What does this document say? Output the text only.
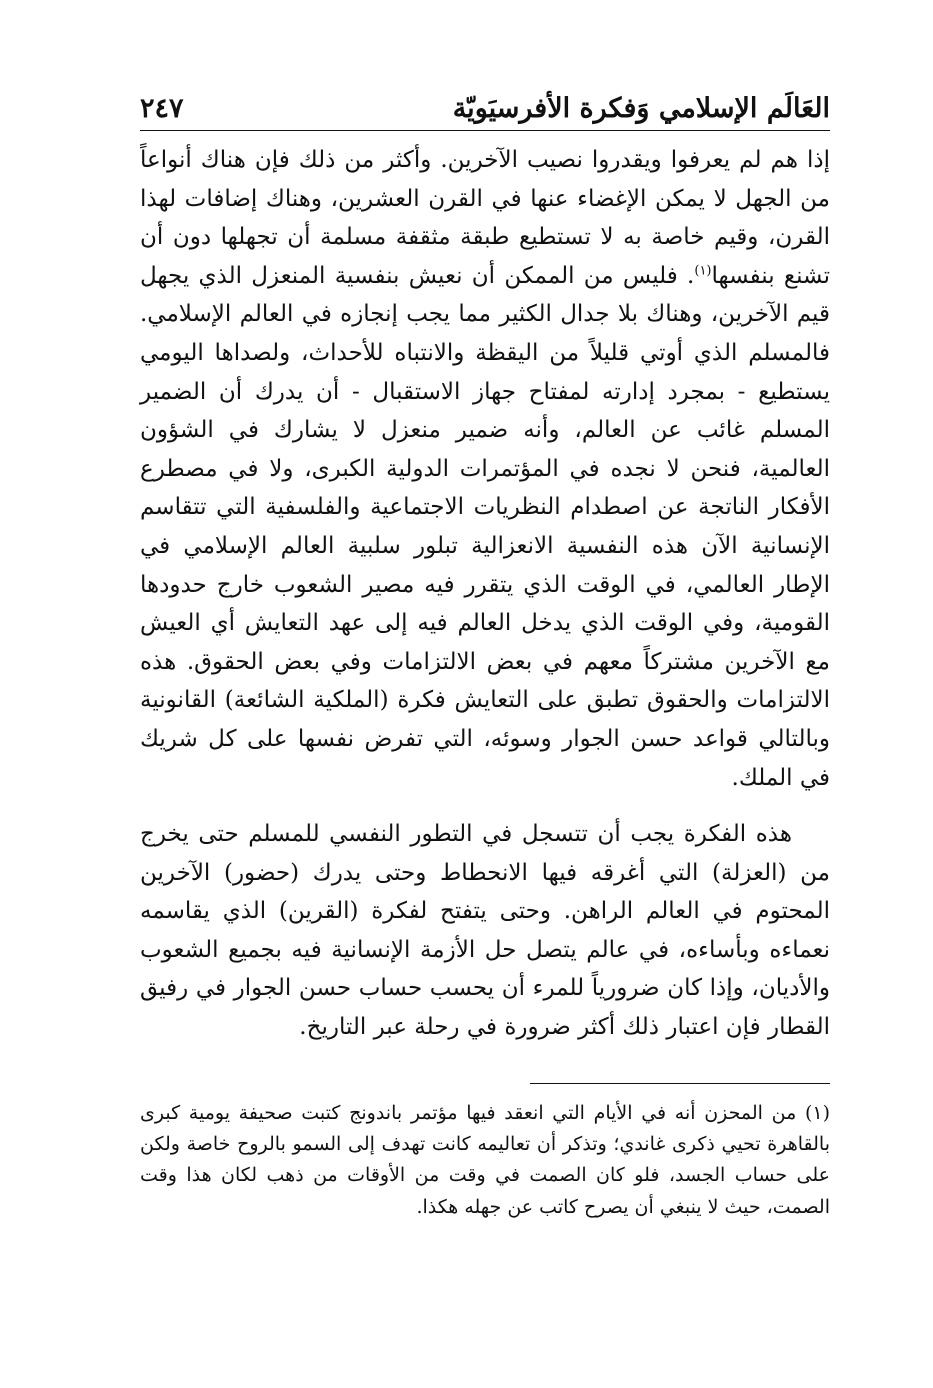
العَالَم الإسلامي وَفكرة الأفرسيَويّة
٢٤٧

إذا هم لم يعرفوا ويقدروا نصيب الآخرين. وأكثر من ذلك فإن هناك أنواعاً من الجهل لا يمكن الإغضاء عنها في القرن العشرين، وهناك إضافات لهذا القرن، وقيم خاصة به لا تستطيع طبقة مثقفة مسلمة أن تجهلها دون أن تشنع بنفسها$^{(١)}$. فليس من الممكن أن نعيش بنفسية المنعزل الذي يجهل قيم الآخرين، وهناك بلا جدال الكثير مما يجب إنجازه في العالم الإسلامي. فالمسلم الذي أوتي قليلاً من اليقظة والانتباه للأحداث، ولصداها اليومي يستطيع - بمجرد إدارته لمفتاح جهاز الاستقبال - أن يدرك أن الضمير المسلم غائب عن العالم، وأنه ضمير منعزل لا يشارك في الشؤون العالمية، فنحن لا نجده في المؤتمرات الدولية الكبرى، ولا في مصطرع الأفكار الناتجة عن اصطدام النظريات الاجتماعية والفلسفية التي تتقاسم الإنسانية الآن هذه النفسية الانعزالية تبلور سلبية العالم الإسلامي في الإطار العالمي، في الوقت الذي يتقرر فيه مصير الشعوب خارج حدودها القومية، وفي الوقت الذي يدخل العالم فيه إلى عهد التعايش أي العيش مع الآخرين مشتركاً معهم في بعض الالتزامات وفي بعض الحقوق. هذه الالتزامات والحقوق تطبق على التعايش فكرة (الملكية الشائعة) القانونية وبالتالي قواعد حسن الجوار وسوئه، التي تفرض نفسها على كل شريك في الملك.

هذه الفكرة يجب أن تتسجل في التطور النفسي للمسلم حتى يخرج من (العزلة) التي أغرقه فيها الانحطاط وحتى يدرك (حضور) الآخرين المحتوم في العالم الراهن. وحتى يتفتح لفكرة (القرين) الذي يقاسمه نعماءه وبأساءه، في عالم يتصل حل الأزمة الإنسانية فيه بجميع الشعوب والأديان، وإذا كان ضرورياً للمرء أن يحسب حساب حسن الجوار في رفيق القطار فإن اعتبار ذلك أكثر ضرورة في رحلة عبر التاريخ.

(١) من المحزن أنه في الأيام التي انعقد فيها مؤتمر باندونج كتبت صحيفة يومية كبرى بالقاهرة تحيي ذكرى غاندي؛ وتذكر أن تعاليمه كانت تهدف إلى السمو بالروح خاصة ولكن على حساب الجسد، فلو كان الصمت في وقت من الأوقات من ذهب لكان هذا وقت الصمت، حيث لا ينبغي أن يصرح كاتب عن جهله هكذا.
